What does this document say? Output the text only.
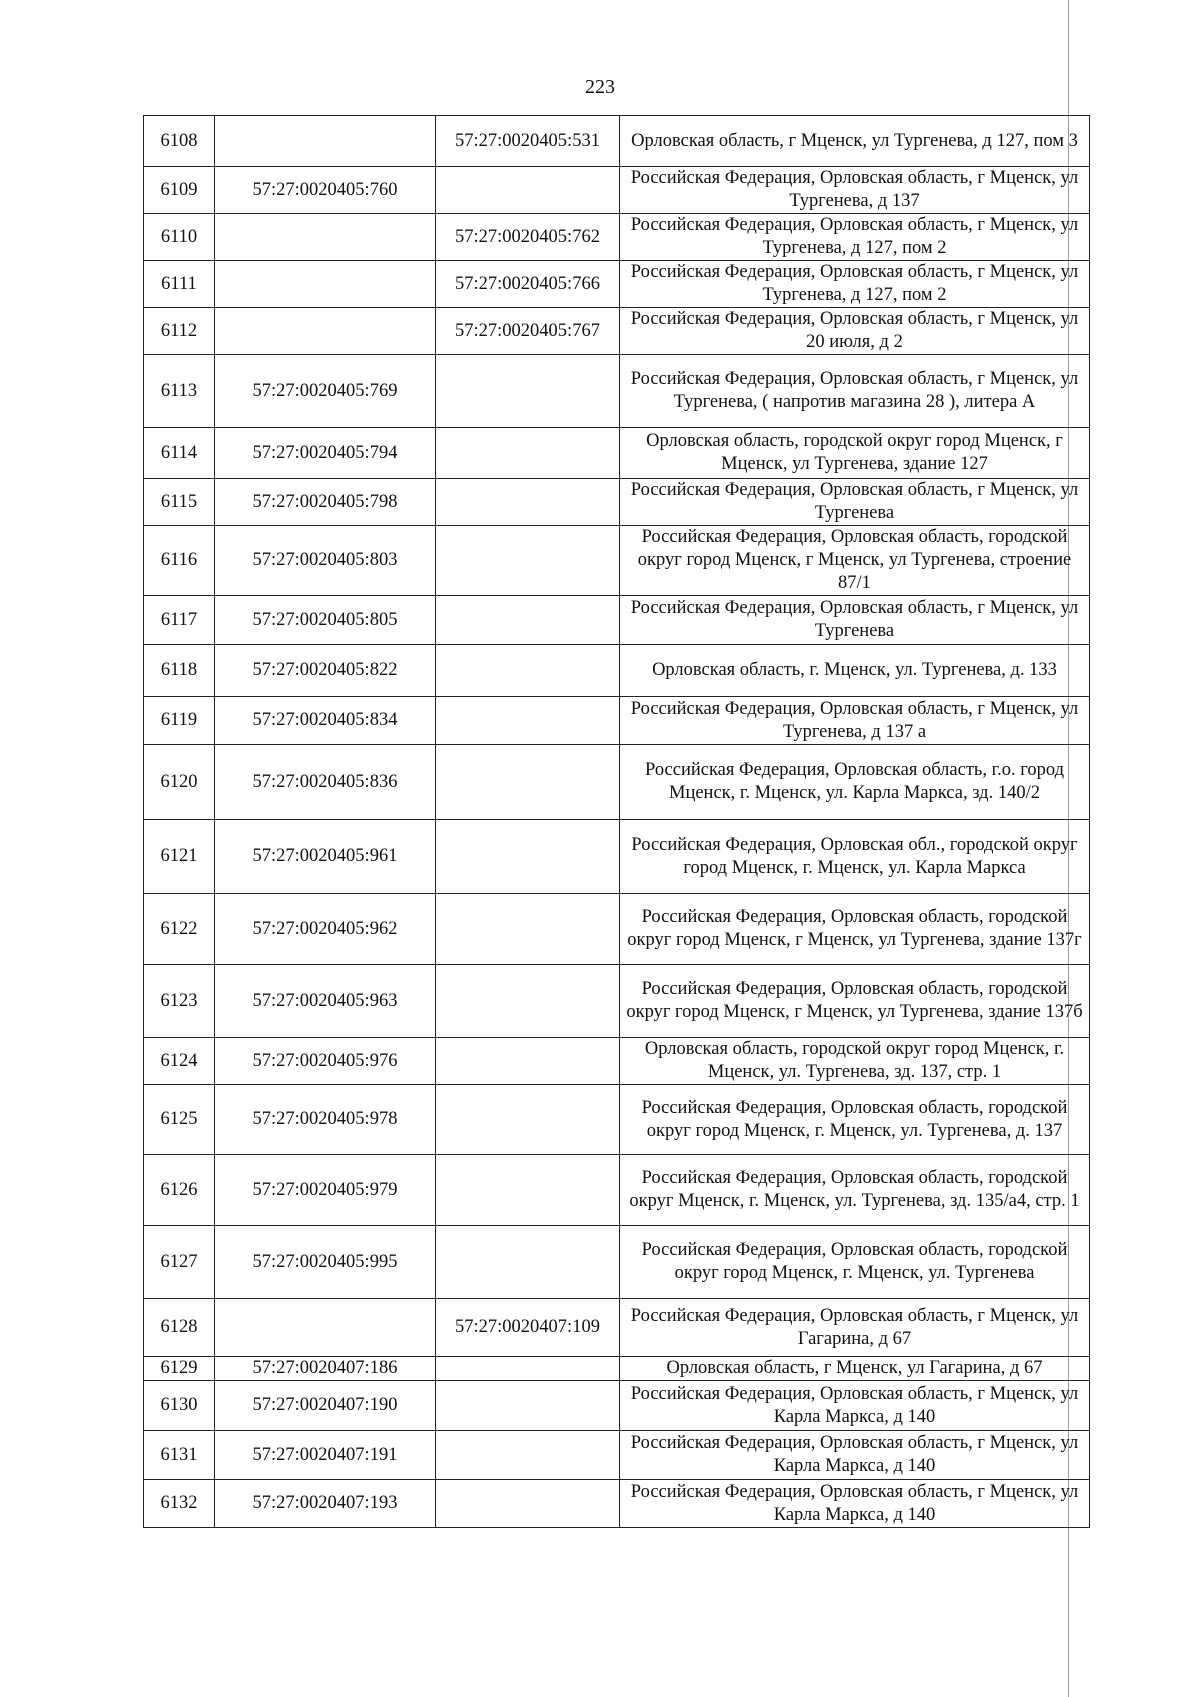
223
6108		57:27:0020405:531	Орловская область, г Мценск, ул Тургенева, д 127, пом 3
6109	57:27:0020405:760		Российская Федерация, Орловская область, г Мценск, ул Тургенева, д 137
6110		57:27:0020405:762	Российская Федерация, Орловская область, г Мценск, ул Тургенева, д 127, пом 2
6111		57:27:0020405:766	Российская Федерация, Орловская область, г Мценск, ул Тургенева, д 127, пом 2
6112		57:27:0020405:767	Российская Федерация, Орловская область, г Мценск, ул 20 июля, д 2
6113	57:27:0020405:769		Российская Федерация, Орловская область, г Мценск, ул Тургенева, ( напротив магазина 28 ), литера А
6114	57:27:0020405:794		Орловская область, городской округ город Мценск, г Мценск, ул Тургенева, здание 127
6115	57:27:0020405:798		Российская Федерация, Орловская область, г Мценск, ул Тургенева
6116	57:27:0020405:803		Российская Федерация, Орловская область, городской округ город Мценск, г Мценск, ул Тургенева, строение 87/1
6117	57:27:0020405:805		Российская Федерация, Орловская область, г Мценск, ул Тургенева
6118	57:27:0020405:822		Орловская область, г. Мценск, ул. Тургенева, д. 133
6119	57:27:0020405:834		Российская Федерация, Орловская область, г Мценск, ул Тургенева, д 137 а
6120	57:27:0020405:836		Российская Федерация, Орловская область, г.о. город Мценск, г. Мценск, ул. Карла Маркса, зд. 140/2
6121	57:27:0020405:961		Российская Федерация, Орловская обл., городской округ город Мценск, г. Мценск, ул. Карла Маркса
6122	57:27:0020405:962		Российская Федерация, Орловская область, городской округ город Мценск, г Мценск, ул Тургенева, здание 137г
6123	57:27:0020405:963		Российская Федерация, Орловская область, городской округ город Мценск, г Мценск, ул Тургенева, здание 137б
6124	57:27:0020405:976		Орловская область, городской округ город Мценск, г. Мценск, ул. Тургенева, зд. 137, стр. 1
6125	57:27:0020405:978		Российская Федерация, Орловская область, городской округ город Мценск, г. Мценск, ул. Тургенева, д. 137
6126	57:27:0020405:979		Российская Федерация, Орловская область, городской округ Мценск, г. Мценск, ул. Тургенева, зд. 135/а4, стр. 1
6127	57:27:0020405:995		Российская Федерация, Орловская область, городской округ город Мценск, г. Мценск, ул. Тургенева
6128		57:27:0020407:109	Российская Федерация, Орловская область, г Мценск, ул Гагарина, д 67
6129	57:27:0020407:186		Орловская область, г Мценск, ул Гагарина, д 67
6130	57:27:0020407:190		Российская Федерация, Орловская область, г Мценск, ул Карла Маркса, д 140
6131	57:27:0020407:191		Российская Федерация, Орловская область, г Мценск, ул Карла Маркса, д 140
6132	57:27:0020407:193		Российская Федерация, Орловская область, г Мценск, ул Карла Маркса, д 140
